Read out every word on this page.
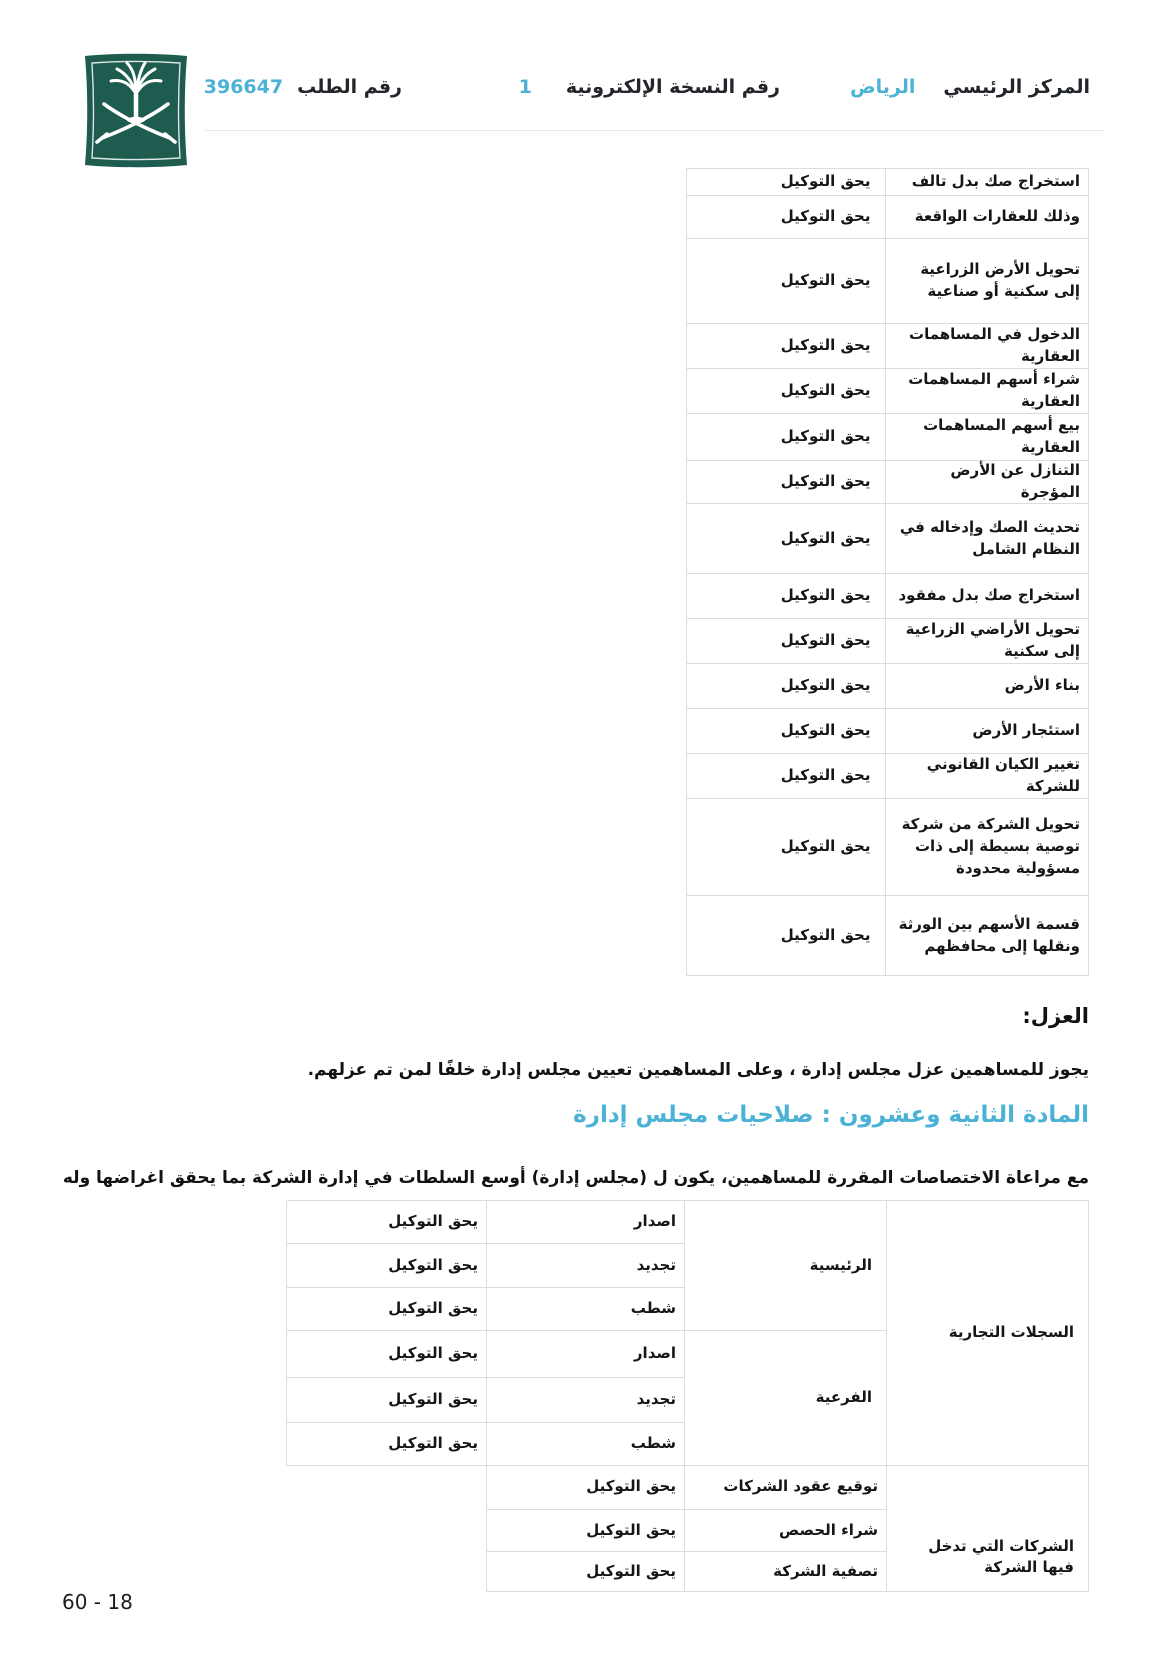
المركز الرئيسي
الرياض
رقم النسخة الإلكترونية
1
رقم الطلب
396647
استخراج صك بدل تالف
يحق التوكيل
وذلك للعقارات الواقعة
يحق التوكيل
تحويل الأرض الزراعية إلى سكنية أو صناعية
يحق التوكيل
الدخول في المساهمات العقارية
يحق التوكيل
شراء أسهم المساهمات العقارية
يحق التوكيل
بيع أسهم المساهمات العقارية
يحق التوكيل
التنازل عن الأرض المؤجرة
يحق التوكيل
تحديث الصك وإدخاله في النظام الشامل
يحق التوكيل
استخراج صك بدل مفقود
يحق التوكيل
تحويل الأراضي الزراعية إلى سكنية
يحق التوكيل
بناء الأرض
يحق التوكيل
استئجار الأرض
يحق التوكيل
تغيير الكيان القانوني للشركة
يحق التوكيل
تحويل الشركة من شركة توصية بسيطة إلى ذات مسؤولية محدودة
يحق التوكيل
قسمة الأسهم بين الورثة ونقلها إلى محافظهم
يحق التوكيل
العزل:
يجوز للمساهمين عزل مجلس إدارة ، وعلى المساهمين تعيين مجلس إدارة خلفًا لمن تم عزلهم.
المادة الثانية وعشرون : صلاحيات مجلس إدارة
مع مراعاة الاختصاصات المقررة للمساهمين، يكون ل (مجلس إدارة) أوسع السلطات في إدارة الشركة بما يحقق اغراضها وله
السجلات التجارية
الرئيسية
الفرعية
اصدار
يحق التوكيل
تجديد
يحق التوكيل
شطب
يحق التوكيل
اصدار
يحق التوكيل
تجديد
يحق التوكيل
شطب
يحق التوكيل
الشركات التي تدخل فيها الشركة
توقيع عقود الشركات
يحق التوكيل
شراء الحصص
يحق التوكيل
تصفية الشركة
يحق التوكيل
60 - 18
